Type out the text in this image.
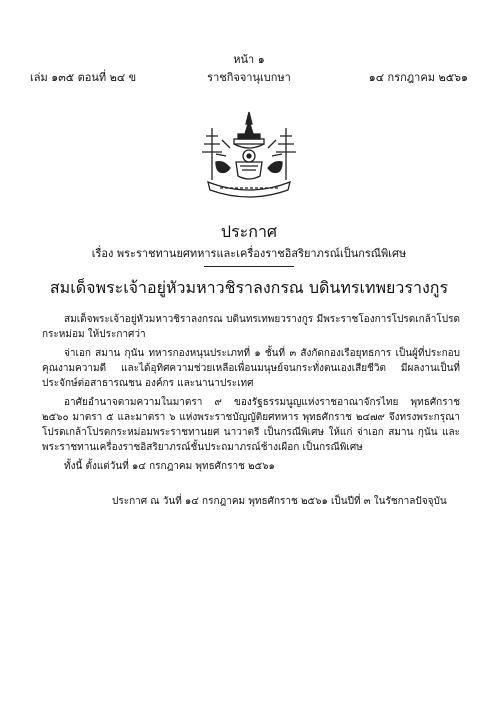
หน้า ๑
ราชกิจจานุเบกษา
เล่ม ๑๓๕ ตอนที่ ๒๔ ข	๑๔ กรกฎาคม ๒๕๖๑
ประกาศ
เรื่อง พระราชทานยศทหารและเครื่องราชอิสริยาภรณ์เป็นกรณีพิเศษ
สมเด็จพระเจ้าอยู่หัวมหาวชิราลงกรณ บดินทรเทพยวรางกูร

สมเด็จพระเจ้าอยู่หัวมหาวชิราลงกรณ บดินทรเทพยวรางกูร มีพระราชโองการโปรดเกล้าโปรดกระหม่อม ให้ประกาศว่า

จ่าเอก สมาน กุนัน ทหารกองหนุนประเภทที่ ๑ ชั้นที่ ๓ สังกัดกองเรือยุทธการ เป็นผู้ที่ประกอบคุณงามความดี และได้อุทิศความช่วยเหลือเพื่อนมนุษย์จนกระทั่งตนเองเสียชีวิต มีผลงานเป็นที่ประจักษ์ต่อสาธารณชน องค์กร และนานาประเทศ

อาศัยอำนาจตามความในมาตรา ๙ ของรัฐธรรมนูญแห่งราชอาณาจักรไทย พุทธศักราช ๒๕๖๐ มาตรา ๕ และมาตรา ๖ แห่งพระราชบัญญัติยศทหาร พุทธศักราช ๒๔๗๙ จึงทรงพระกรุณาโปรดเกล้าโปรดกระหม่อมพระราชทานยศ นาวาตรี เป็นกรณีพิเศษ ให้แก่ จ่าเอก สมาน กุนัน และพระราชทานเครื่องราชอิสริยาภรณ์ชั้นประถมาภรณ์ช้างเผือก เป็นกรณีพิเศษ

ทั้งนี้ ตั้งแต่วันที่ ๑๔ กรกฎาคม พุทธศักราช ๒๕๖๑

ประกาศ ณ วันที่ ๑๔ กรกฎาคม พุทธศักราช ๒๕๖๑ เป็นปีที่ ๓ ในรัชกาลปัจจุบัน
